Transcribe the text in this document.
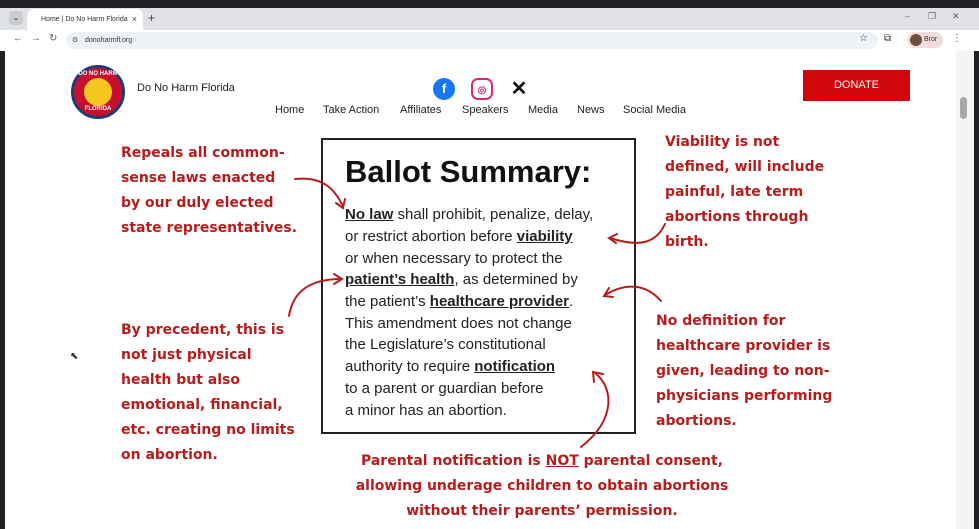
⌄	Home | Do No Harm Florida × +	– ❐ ✕
← → ↻ ⚙ donoharmfl.org	☆ ⧉	Bror	⋮
DO NO HARM
FLORIDA
Do No Harm Florida	f	◎	✕
Home Take Action Affiliates Speakers Media News Social Media
DONATE
Ballot Summary:
No law shall prohibit, penalize, delay,
or restrict abortion before viability
or when necessary to protect the
patient’s health, as determined by
the patient’s healthcare provider.
This amendment does not change
the Legislature’s constitutional
authority to require notification
to a parent or guardian before
a minor has an abortion.
Repeals all common-
sense laws enacted
by our duly elected
state representatives.
Viability is not
defined, will include
painful, late term
abortions through
birth.
By precedent, this is
not just physical
health but also
emotional, financial,
etc. creating no limits
on abortion.
No definition for
healthcare provider is
given, leading to non-
physicians performing
abortions.
Parental notification is NOT parental consent,
allowing underage children to obtain abortions
without their parents’ permission.
⬉
